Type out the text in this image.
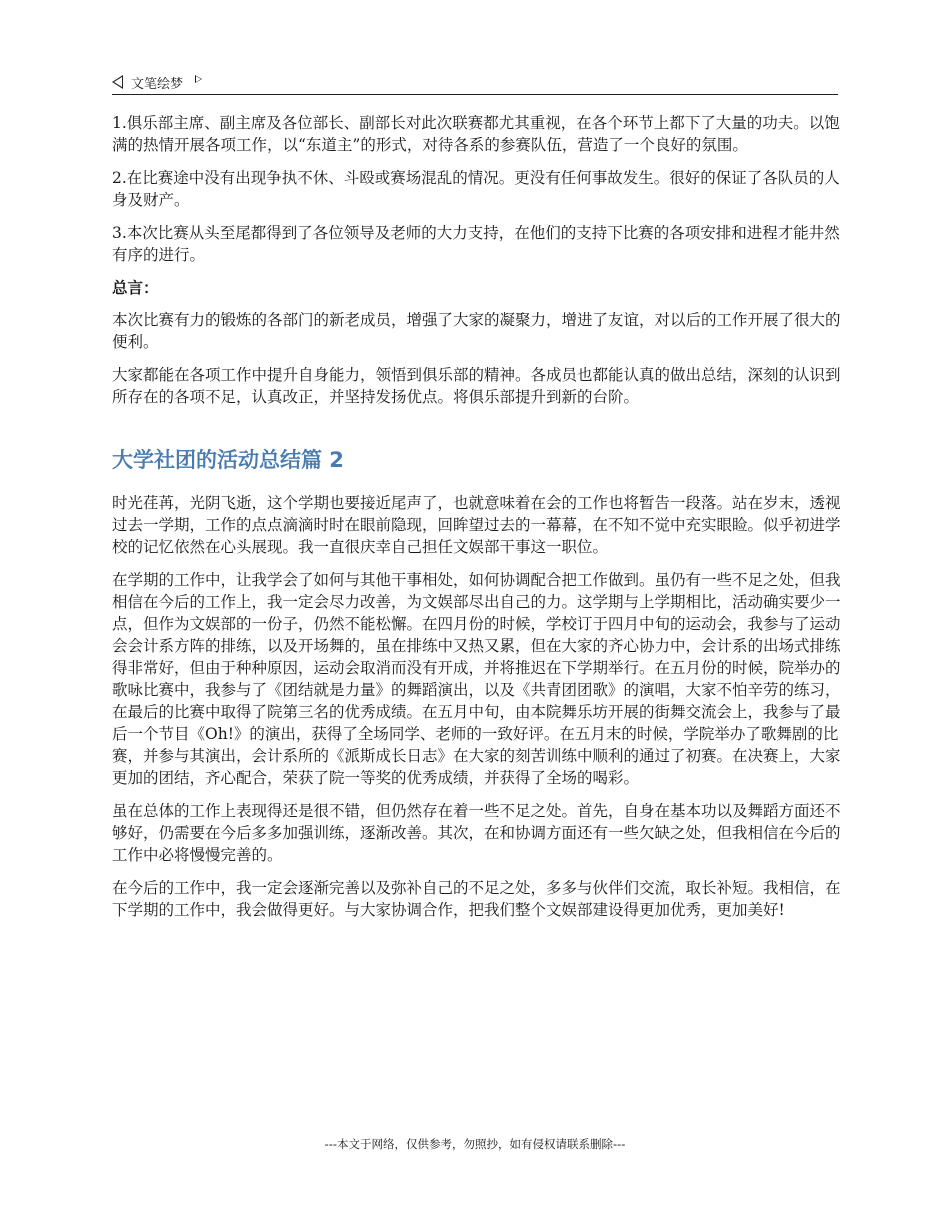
文笔绘梦

1.俱乐部主席、副主席及各位部长、副部长对此次联赛都尤其重视，在各个环节上都下了大量的功夫。以饱满的热情开展各项工作，以“东道主”的形式，对待各系的参赛队伍，营造了一个良好的氛围。

2.在比赛途中没有出现争执不休、斗殴或赛场混乱的情况。更没有任何事故发生。很好的保证了各队员的人身及财产。

3.本次比赛从头至尾都得到了各位领导及老师的大力支持，在他们的支持下比赛的各项安排和进程才能井然有序的进行。

总言：

本次比赛有力的锻炼的各部门的新老成员，增强了大家的凝聚力，增进了友谊，对以后的工作开展了很大的便利。

大家都能在各项工作中提升自身能力，领悟到俱乐部的精神。各成员也都能认真的做出总结，深刻的认识到所存在的各项不足，认真改正，并坚持发扬优点。将俱乐部提升到新的台阶。

大学社团的活动总结篇 2

时光荏苒，光阴飞逝，这个学期也要接近尾声了，也就意味着在会的工作也将暂告一段落。站在岁末，透视过去一学期，工作的点点滴滴时时在眼前隐现，回眸望过去的一幕幕，在不知不觉中充实眼睑。似乎初进学校的记忆依然在心头展现。我一直很庆幸自己担任文娱部干事这一职位。

在学期的工作中，让我学会了如何与其他干事相处，如何协调配合把工作做到。虽仍有一些不足之处，但我相信在今后的工作上，我一定会尽力改善，为文娱部尽出自己的力。这学期与上学期相比，活动确实要少一点，但作为文娱部的一份子，仍然不能松懈。在四月份的时候，学校订于四月中旬的运动会，我参与了运动会会计系方阵的排练，以及开场舞的，虽在排练中又热又累，但在大家的齐心协力中，会计系的出场式排练得非常好，但由于种种原因，运动会取消而没有开成，并将推迟在下学期举行。在五月份的时候，院举办的歌咏比赛中，我参与了《团结就是力量》的舞蹈演出，以及《共青团团歌》的演唱，大家不怕辛劳的练习，在最后的比赛中取得了院第三名的优秀成绩。在五月中旬，由本院舞乐坊开展的街舞交流会上，我参与了最后一个节目《Oh!》的演出，获得了全场同学、老师的一致好评。在五月末的时候，学院举办了歌舞剧的比赛，并参与其演出，会计系所的《派斯成长日志》在大家的刻苦训练中顺利的通过了初赛。在决赛上，大家更加的团结，齐心配合，荣获了院一等奖的优秀成绩，并获得了全场的喝彩。

虽在总体的工作上表现得还是很不错，但仍然存在着一些不足之处。首先，自身在基本功以及舞蹈方面还不够好，仍需要在今后多多加强训练，逐渐改善。其次，在和协调方面还有一些欠缺之处，但我相信在今后的工作中必将慢慢完善的。

在今后的工作中，我一定会逐渐完善以及弥补自己的不足之处，多多与伙伴们交流，取长补短。我相信，在下学期的工作中，我会做得更好。与大家协调合作，把我们整个文娱部建设得更加优秀，更加美好!

---本文于网络，仅供参考，勿照抄，如有侵权请联系删除---
